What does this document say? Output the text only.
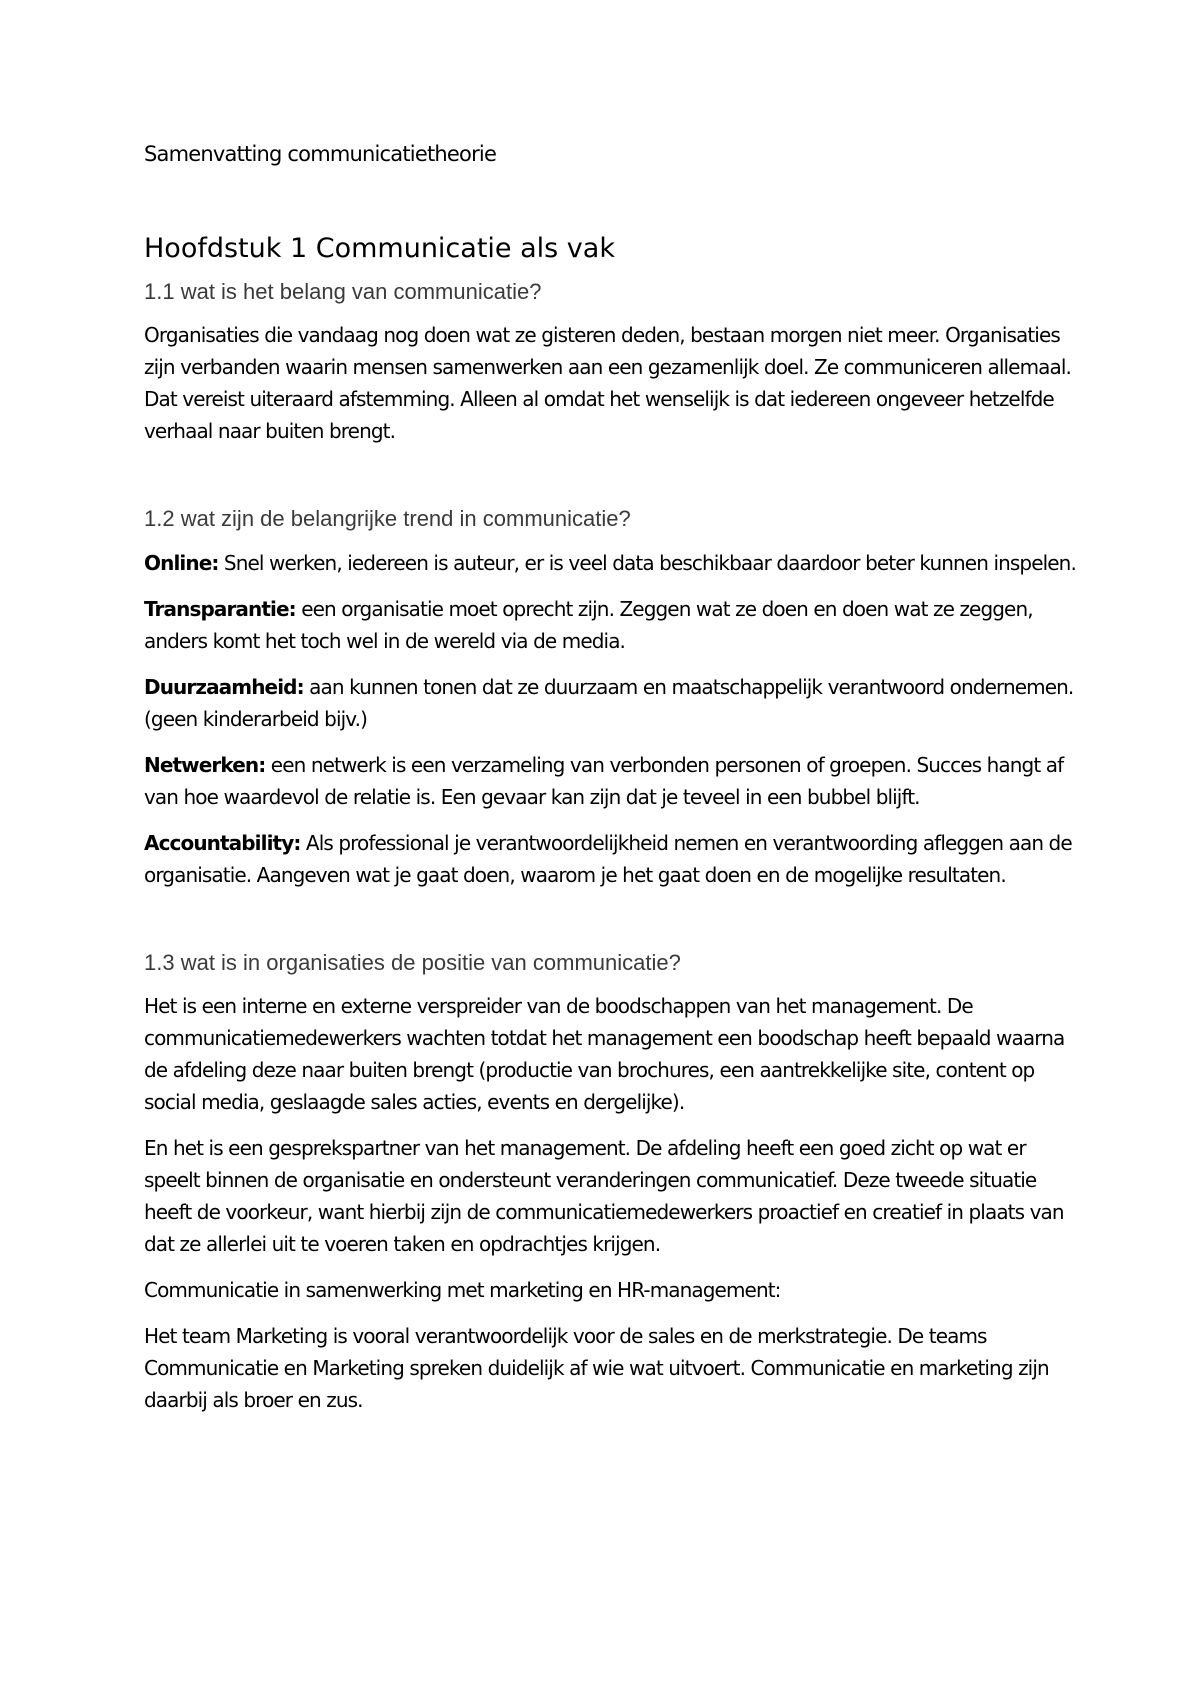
Samenvatting communicatietheorie
Hoofdstuk 1 Communicatie als vak
1.1 wat is het belang van communicatie?

Organisaties die vandaag nog doen wat ze gisteren deden, bestaan morgen niet meer. Organisaties zijn verbanden waarin mensen samenwerken aan een gezamenlijk doel. Ze communiceren allemaal. Dat vereist uiteraard afstemming. Alleen al omdat het wenselijk is dat iedereen ongeveer hetzelfde verhaal naar buiten brengt.

1.2 wat zijn de belangrijke trend in communicatie?

Online: Snel werken, iedereen is auteur, er is veel data beschikbaar daardoor beter kunnen inspelen.

Transparantie: een organisatie moet oprecht zijn. Zeggen wat ze doen en doen wat ze zeggen, anders komt het toch wel in de wereld via de media.

Duurzaamheid: aan kunnen tonen dat ze duurzaam en maatschappelijk verantwoord ondernemen. (geen kinderarbeid bijv.)

Netwerken: een netwerk is een verzameling van verbonden personen of groepen. Succes hangt af van hoe waardevol de relatie is. Een gevaar kan zijn dat je teveel in een bubbel blijft.

Accountability: Als professional je verantwoordelijkheid nemen en verantwoording afleggen aan de organisatie. Aangeven wat je gaat doen, waarom je het gaat doen en de mogelijke resultaten.

1.3 wat is in organisaties de positie van communicatie?

Het is een interne en externe verspreider van de boodschappen van het management. De communicatiemedewerkers wachten totdat het management een boodschap heeft bepaald waarna de afdeling deze naar buiten brengt (productie van brochures, een aantrekkelijke site, content op social media, geslaagde sales acties, events en dergelijke).

En het is een gesprekspartner van het management. De afdeling heeft een goed zicht op wat er speelt binnen de organisatie en ondersteunt veranderingen communicatief. Deze tweede situatie heeft de voorkeur, want hierbij zijn de communicatiemedewerkers proactief en creatief in plaats van dat ze allerlei uit te voeren taken en opdrachtjes krijgen.

Communicatie in samenwerking met marketing en HR-management:

Het team Marketing is vooral verantwoordelijk voor de sales en de merkstrategie. De teams Communicatie en Marketing spreken duidelijk af wie wat uitvoert. Communicatie en marketing zijn daarbij als broer en zus.
